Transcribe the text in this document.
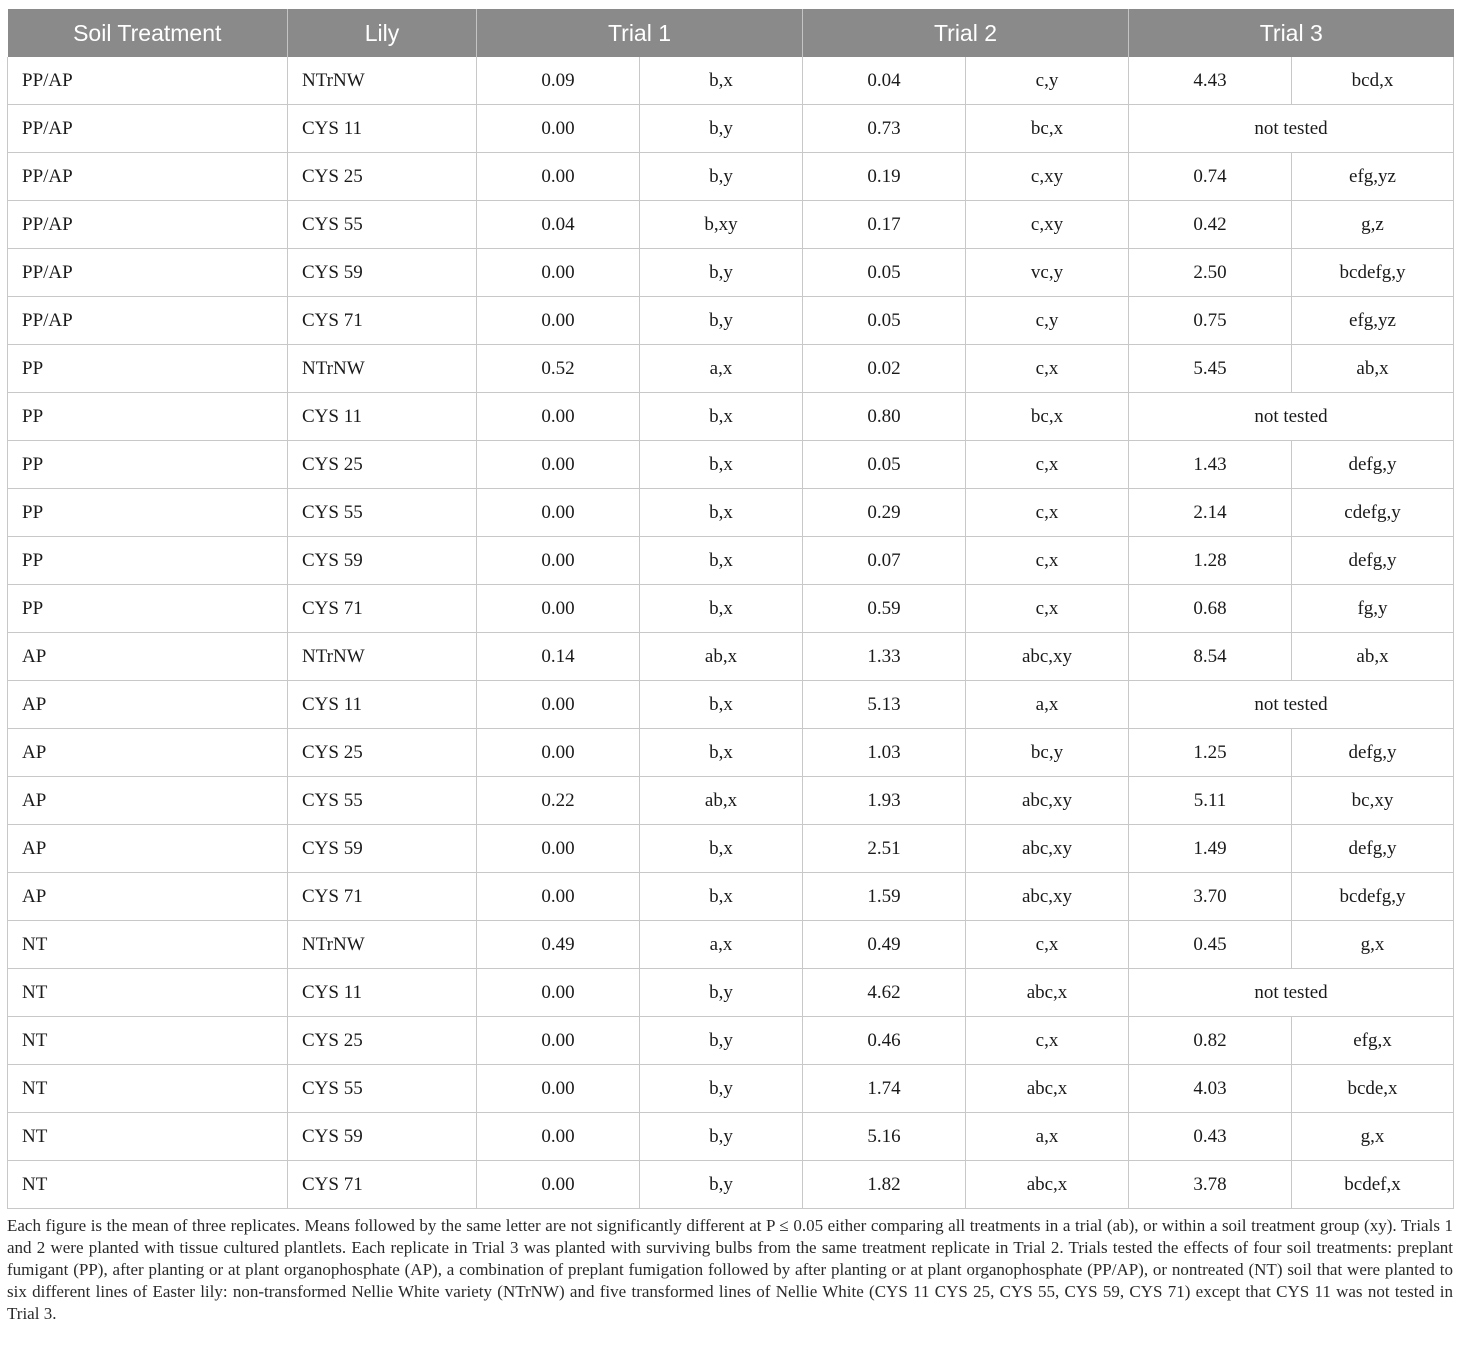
Soil Treatment	Lily	Trial 1		Trial 2		Trial 3	
PP/AP	NTrNW	0.09	b,x	0.04	c,y	4.43	bcd,x
PP/AP	CYS 11	0.00	b,y	0.73	bc,x	not tested	
PP/AP	CYS 25	0.00	b,y	0.19	c,xy	0.74	efg,yz
PP/AP	CYS 55	0.04	b,xy	0.17	c,xy	0.42	g,z
PP/AP	CYS 59	0.00	b,y	0.05	vc,y	2.50	bcdefg,y
PP/AP	CYS 71	0.00	b,y	0.05	c,y	0.75	efg,yz
PP	NTrNW	0.52	a,x	0.02	c,x	5.45	ab,x
PP	CYS 11	0.00	b,x	0.80	bc,x	not tested	
PP	CYS 25	0.00	b,x	0.05	c,x	1.43	defg,y
PP	CYS 55	0.00	b,x	0.29	c,x	2.14	cdefg,y
PP	CYS 59	0.00	b,x	0.07	c,x	1.28	defg,y
PP	CYS 71	0.00	b,x	0.59	c,x	0.68	fg,y
AP	NTrNW	0.14	ab,x	1.33	abc,xy	8.54	ab,x
AP	CYS 11	0.00	b,x	5.13	a,x	not tested	
AP	CYS 25	0.00	b,x	1.03	bc,y	1.25	defg,y
AP	CYS 55	0.22	ab,x	1.93	abc,xy	5.11	bc,xy
AP	CYS 59	0.00	b,x	2.51	abc,xy	1.49	defg,y
AP	CYS 71	0.00	b,x	1.59	abc,xy	3.70	bcdefg,y
NT	NTrNW	0.49	a,x	0.49	c,x	0.45	g,x
NT	CYS 11	0.00	b,y	4.62	abc,x	not tested	
NT	CYS 25	0.00	b,y	0.46	c,x	0.82	efg,x
NT	CYS 55	0.00	b,y	1.74	abc,x	4.03	bcde,x
NT	CYS 59	0.00	b,y	5.16	a,x	0.43	g,x
NT	CYS 71	0.00	b,y	1.82	abc,x	3.78	bcdef,x
Each figure is the mean of three replicates. Means followed by the same letter are not significantly different at P ≤ 0.05 either comparing all treatments in a trial (ab), or within a soil treatment group (xy). Trials 1 and 2 were planted with tissue cultured plantlets. Each replicate in Trial 3 was planted with surviving bulbs from the same treatment replicate in Trial 2. Trials tested the effects of four soil treatments: preplant fumigant (PP), after planting or at plant organophosphate (AP), a combination of preplant fumigation followed by after planting or at plant organophosphate (PP/AP), or nontreated (NT) soil that were planted to six different lines of Easter lily: non-transformed Nellie White variety (NTrNW) and five transformed lines of Nellie White (CYS 11 CYS 25, CYS 55, CYS 59, CYS 71) except that CYS 11 was not tested in Trial 3.
